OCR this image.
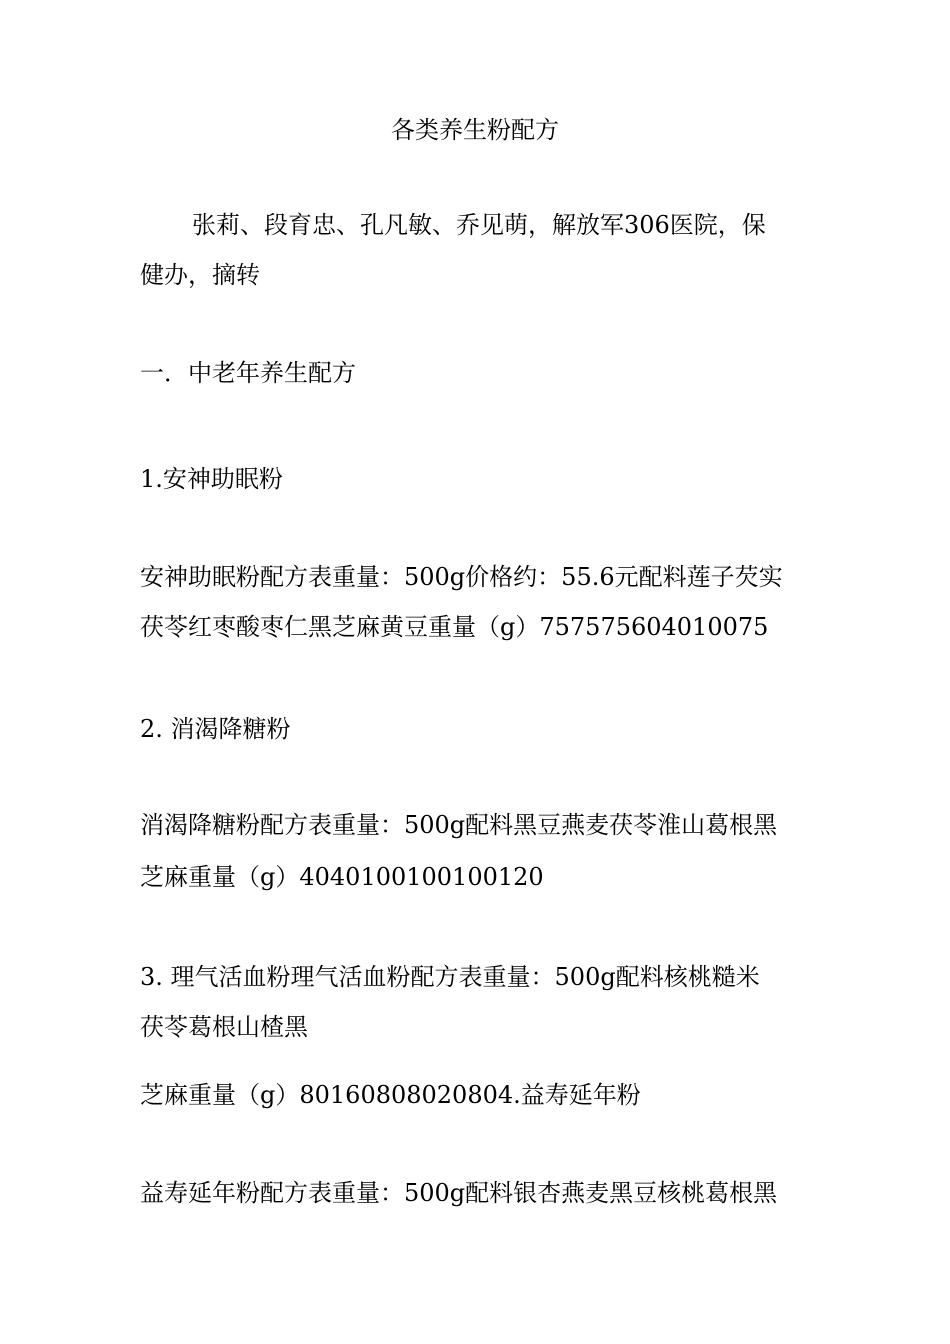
各类养生粉配方
张莉、段育忠、孔凡敏、乔见萌，解放军306医院，保
健办，摘转
一．中老年养生配方
1.安神助眠粉
安神助眠粉配方表重量：500g价格约：55.6元配料莲子芡实
茯苓红枣酸枣仁黑芝麻黄豆重量（g）757575604010075
2. 消渴降糖粉
消渴降糖粉配方表重量：500g配料黑豆燕麦茯苓淮山葛根黑
芝麻重量（g）4040100100100120
3. 理气活血粉理气活血粉配方表重量：500g配料核桃糙米
茯苓葛根山楂黑
芝麻重量（g）80160808020804.益寿延年粉
益寿延年粉配方表重量：500g配料银杏燕麦黑豆核桃葛根黑
